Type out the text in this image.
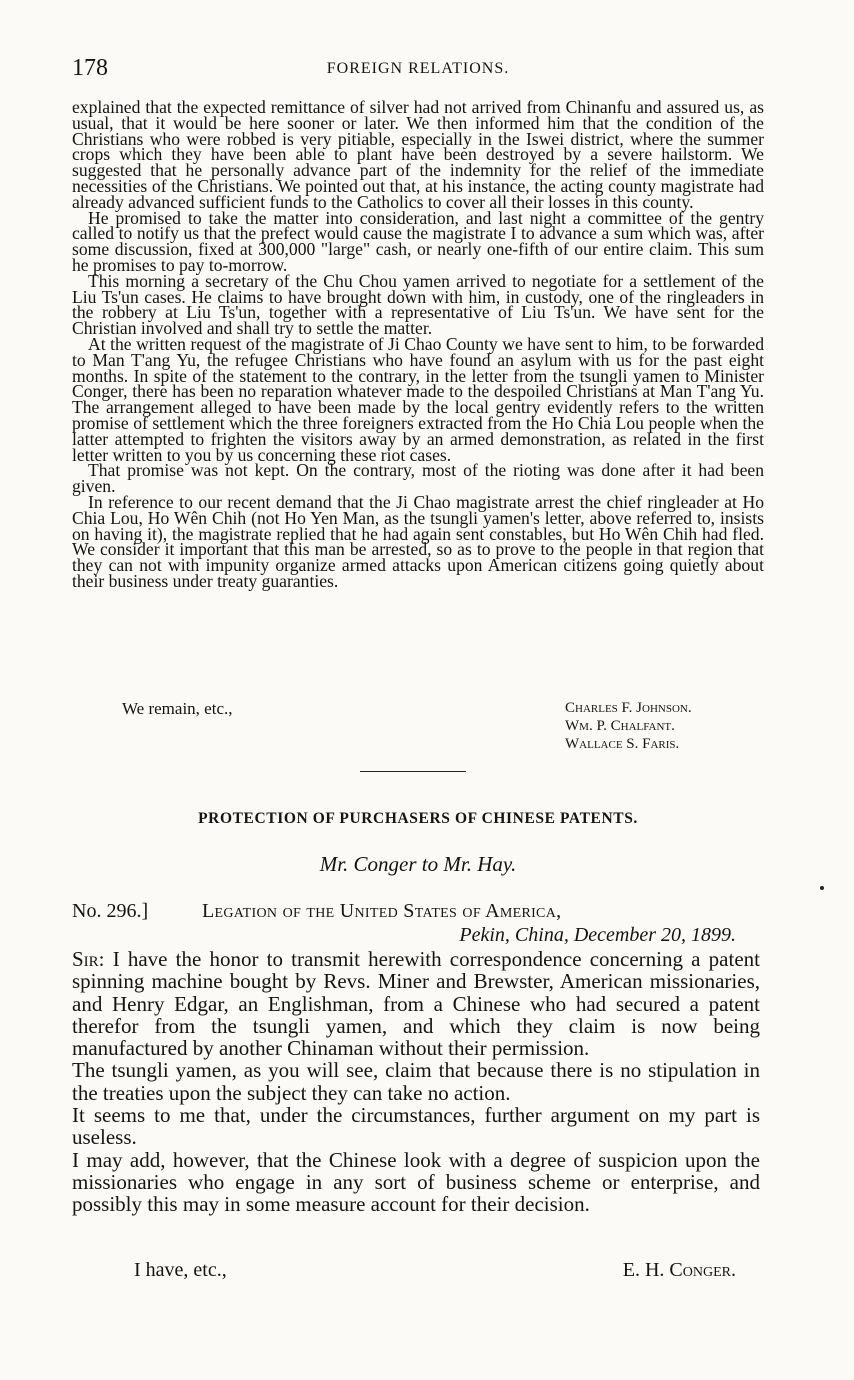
178	FOREIGN RELATIONS.

explained that the expected remittance of silver had not arrived from Chinanfu and assured us, as usual, that it would be here sooner or later. We then informed him that the condition of the Christians who were robbed is very pitiable, especially in the Iswei district, where the summer crops which they have been able to plant have been destroyed by a severe hailstorm. We suggested that he personally advance part of the indemnity for the relief of the immediate necessities of the Christians. We pointed out that, at his instance, the acting county magistrate had already advanced sufficient funds to the Catholics to cover all their losses in this county.

He promised to take the matter into consideration, and last night a committee of the gentry called to notify us that the prefect would cause the magistrate I to advance a sum which was, after some discussion, fixed at 300,000 "large" cash, or nearly one-fifth of our entire claim. This sum he promises to pay to-morrow.

This morning a secretary of the Chu Chou yamen arrived to negotiate for a settlement of the Liu Ts'un cases. He claims to have brought down with him, in custody, one of the ringleaders in the robbery at Liu Ts'un, together with a representative of Liu Ts'un. We have sent for the Christian involved and shall try to settle the matter.

At the written request of the magistrate of Ji Chao County we have sent to him, to be forwarded to Man T'ang Yu, the refugee Christians who have found an asylum with us for the past eight months. In spite of the statement to the contrary, in the letter from the tsungli yamen to Minister Conger, there has been no reparation whatever made to the despoiled Christians at Man T'ang Yu. The arrangement alleged to have been made by the local gentry evidently refers to the written promise of settlement which the three foreigners extracted from the Ho Chia Lou people when the latter attempted to frighten the visitors away by an armed demonstration, as related in the first letter written to you by us concerning these riot cases.

That promise was not kept. On the contrary, most of the rioting was done after it had been given.

In reference to our recent demand that the Ji Chao magistrate arrest the chief ringleader at Ho Chia Lou, Ho Wên Chih (not Ho Yen Man, as the tsungli yamen's letter, above referred to, insists on having it), the magistrate replied that he had again sent constables, but Ho Wên Chih had fled. We consider it important that this man be arrested, so as to prove to the people in that region that they can not with impunity organize armed attacks upon American citizens going quietly about their business under treaty guaranties.

We remain, etc.,	Charles F. Johnson.
Wm. P. Chalfant.
Wallace S. Faris.
PROTECTION OF PURCHASERS OF CHINESE PATENTS.
Mr. Conger to Mr. Hay.
No. 296.]	Legation of the United States of America,
Pekin, China, December 20, 1899.

Sir: I have the honor to transmit herewith correspondence concerning a patent spinning machine bought by Revs. Miner and Brewster, American missionaries, and Henry Edgar, an Englishman, from a Chinese who had secured a patent therefor from the tsungli yamen, and which they claim is now being manufactured by another Chinaman without their permission.

The tsungli yamen, as you will see, claim that because there is no stipulation in the treaties upon the subject they can take no action.

It seems to me that, under the circumstances, further argument on my part is useless.

I may add, however, that the Chinese look with a degree of suspicion upon the missionaries who engage in any sort of business scheme or enterprise, and possibly this may in some measure account for their decision.

I have, etc.,	E. H. Conger.
